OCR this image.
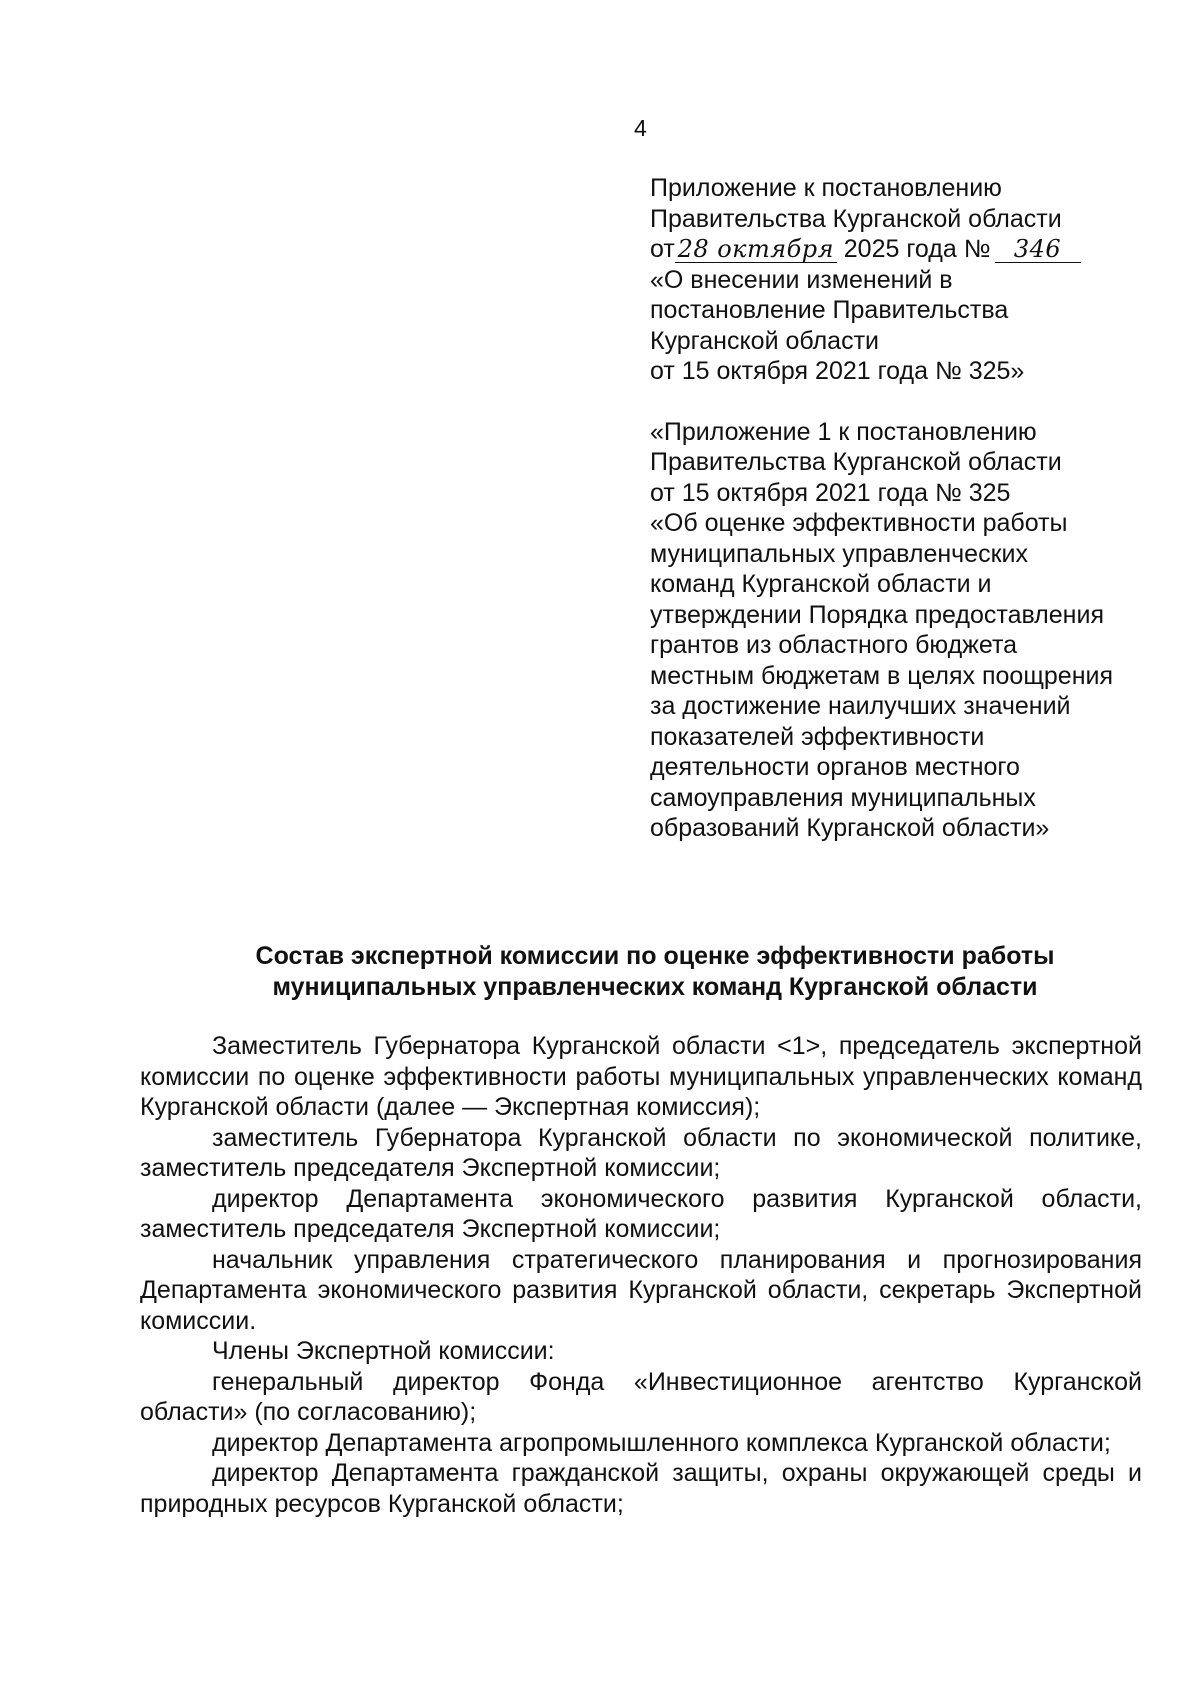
4
Приложение к постановлению
Правительства Курганской области
от 28 октября 2025 года № 346
«О внесении изменений в
постановление Правительства
Курганской области
от 15 октября 2021 года № 325»
«Приложение 1 к постановлению
Правительства Курганской области
от 15 октября 2021 года № 325
«Об оценке эффективности работы
муниципальных управленческих
команд Курганской области и
утверждении Порядка предоставления
грантов из областного бюджета
местным бюджетам в целях поощрения
за достижение наилучших значений
показателей эффективности
деятельности органов местного
самоуправления муниципальных
образований Курганской области»
Состав экспертной комиссии по оценке эффективности работы
муниципальных управленческих команд Курганской области

Заместитель Губернатора Курганской области <1>, председатель экспертной комиссии по оценке эффективности работы муниципальных управленческих команд Курганской области (далее — Экспертная комиссия);

заместитель Губернатора Курганской области по экономической политике, заместитель председателя Экспертной комиссии;

директор Департамента экономического развития Курганской области, заместитель председателя Экспертной комиссии;

начальник управления стратегического планирования и прогнозирования Департамента экономического развития Курганской области, секретарь Экспертной комиссии.

Члены Экспертной комиссии:

генеральный директор Фонда «Инвестиционное агентство Курганской области» (по согласованию);

директор Департамента агропромышленного комплекса Курганской области;

директор Департамента гражданской защиты, охраны окружающей среды и природных ресурсов Курганской области;
